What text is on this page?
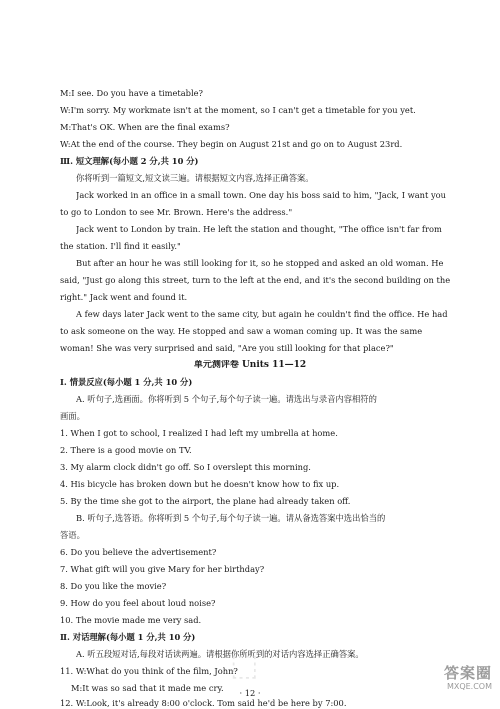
M:I see. Do you have a timetable?
W:I'm sorry. My workmate isn't at the moment, so I can't get a timetable for you yet.
M:That's OK. When are the final exams?
W:At the end of the course. They begin on August 21st and go on to August 23rd.
Ⅲ. 短文理解(每小题 2 分,共 10 分)
你将听到一篇短文,短文读三遍。请根据短文内容,选择正确答案。
Jack worked in an office in a small town. One day his boss said to him, "Jack, I want you
to go to London to see Mr. Brown. Here's the address."
Jack went to London by train. He left the station and thought, "The office isn't far from
the station. I'll find it easily."
But after an hour he was still looking for it, so he stopped and asked an old woman. He
said, "Just go along this street, turn to the left at the end, and it's the second building on the
right." Jack went and found it.
A few days later Jack went to the same city, but again he couldn't find the office. He had
to ask someone on the way. He stopped and saw a woman coming up. It was the same
woman! She was very surprised and said, "Are you still looking for that place?"
单元测评卷 Units 11—12
Ⅰ. 情景反应(每小题 1 分,共 10 分)
A. 听句子,选画面。你将听到 5 个句子,每个句子读一遍。请选出与录音内容相符的
画面。
1. When I got to school, I realized I had left my umbrella at home.
2. There is a good movie on TV.
3. My alarm clock didn't go off. So I overslept this morning.
4. His bicycle has broken down but he doesn't know how to fix up.
5. By the time she got to the airport, the plane had already taken off.
B. 听句子,选答语。你将听到 5 个句子,每个句子读一遍。请从备选答案中选出恰当的
答语。
6. Do you believe the advertisement?
7. What gift will you give Mary for her birthday?
8. Do you like the movie?
9. How do you feel about loud noise?
10. The movie made me very sad.
Ⅱ. 对话理解(每小题 1 分,共 10 分)
A. 听五段短对话,每段对话读两遍。请根据你所听到的对话内容选择正确答案。
11. W:What do you think of the film, John?
M:It was so sad that it made me cry.
12. W:Look, it's already 8:00 o'clock. Tom said he'd be here by 7:00.
· 12 ·
⬚	答案圈
MXQE.COM
